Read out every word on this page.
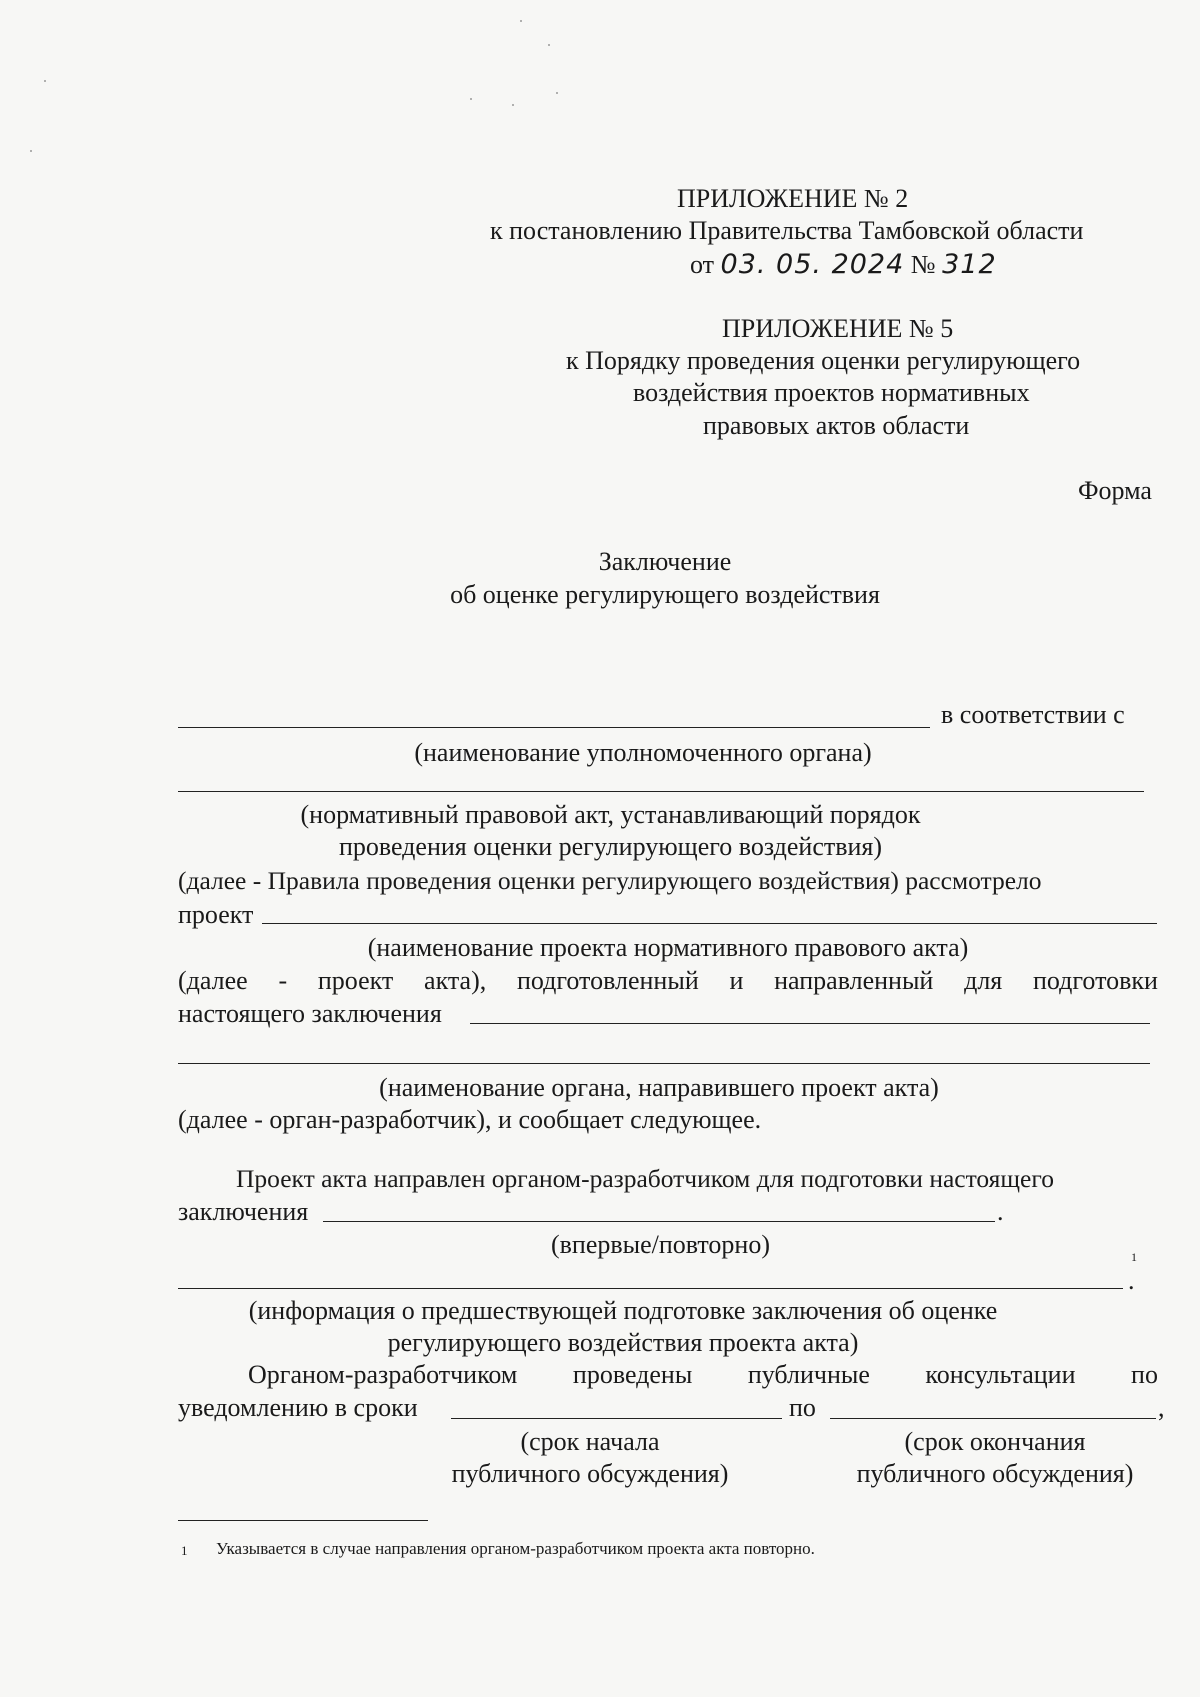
ПРИЛОЖЕНИЕ № 2
к постановлению Правительства Тамбовской области
от 03. 05. 2024 № 312
ПРИЛОЖЕНИЕ № 5
к Порядку проведения оценки регулирующего
воздействия проектов нормативных
правовых актов области
Форма
Заключение
об оценке регулирующего воздействия
в соответствии с
(наименование уполномоченного органа)
(нормативный правовой акт, устанавливающий порядок
проведения оценки регулирующего воздействия)
(далее - Правила проведения оценки регулирующего воздействия) рассмотрело
проект
(наименование проекта нормативного правового акта)
(далее - проект акта), подготовленный и направленный для подготовки
настоящего заключения
(наименование органа, направившего проект акта)
(далее - орган-разработчик), и сообщает следующее.
Проект акта направлен органом-разработчиком для подготовки настоящего
заключения	.
(впервые/повторно)	1
.
(информация о предшествующей подготовке заключения об оценке
регулирующего воздействия проекта акта)
Органом-разработчиком проведены публичные консультации по
уведомлению в сроки	по	,
(срок начала
публичного обсуждения)
(срок окончания
публичного обсуждения)
1 Указывается в случае направления органом-разработчиком проекта акта повторно.
